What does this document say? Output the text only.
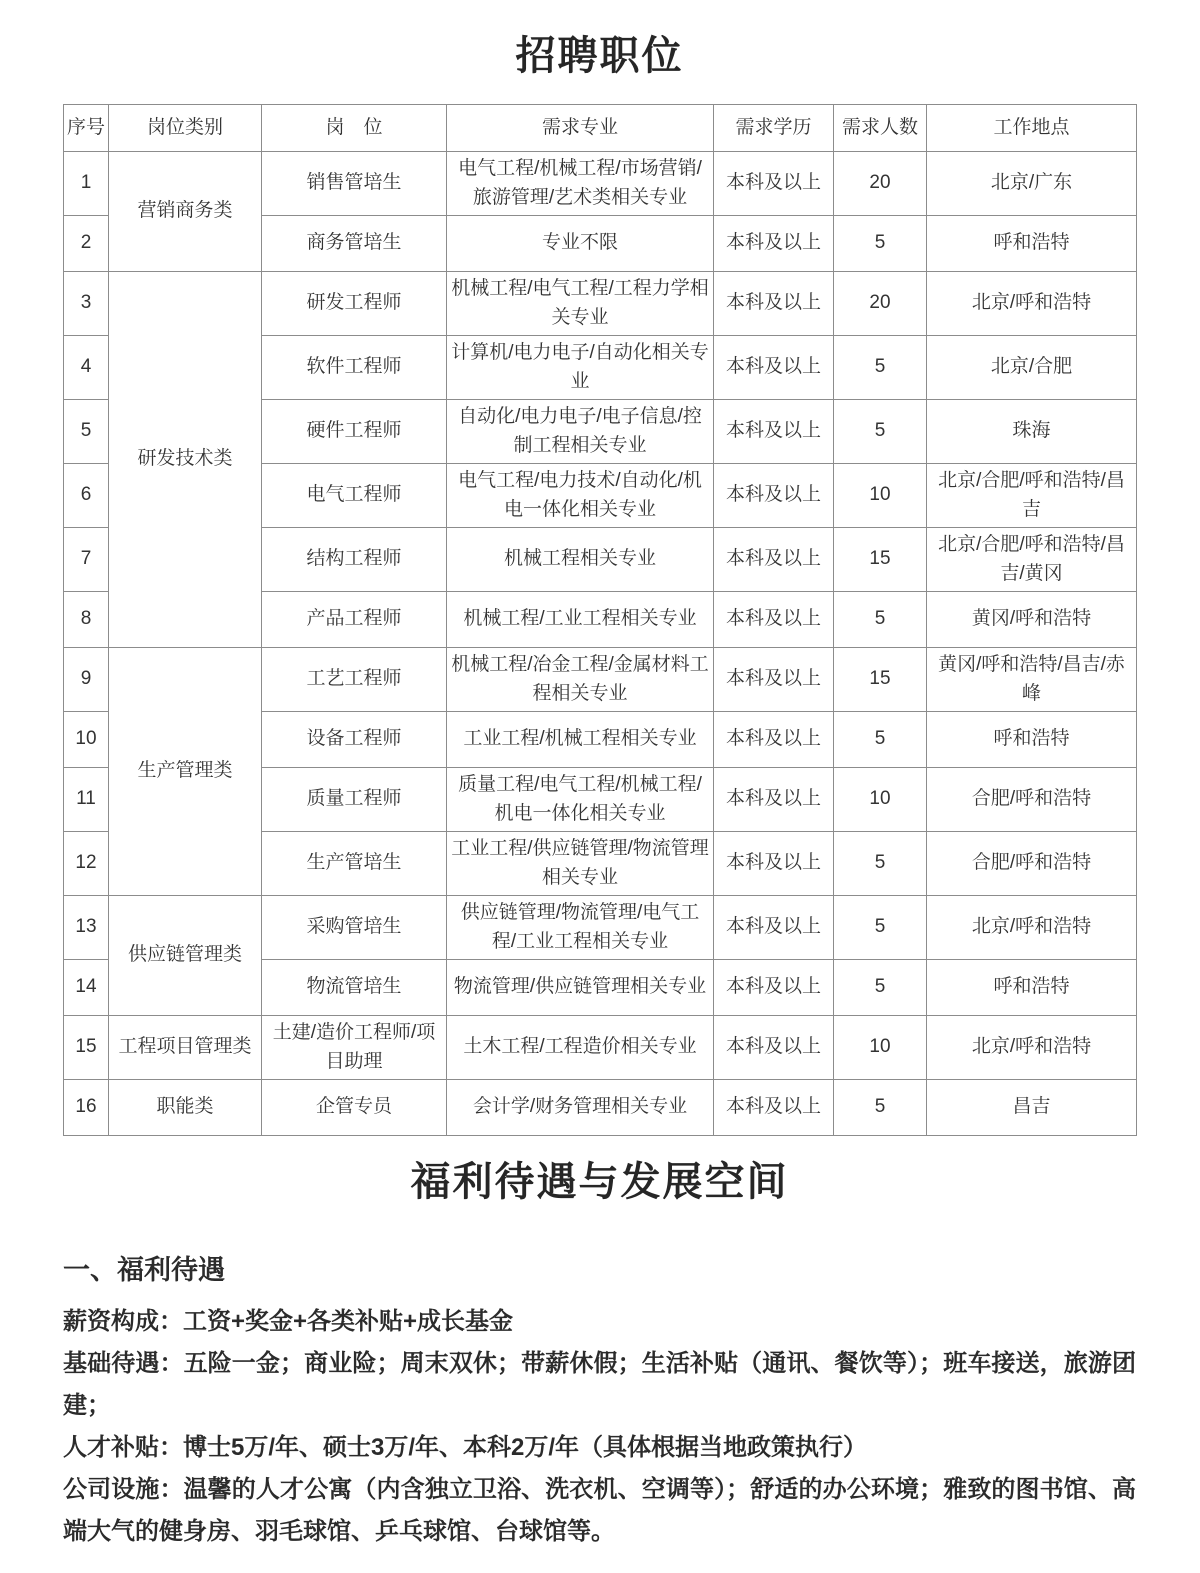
招聘职位
序号	岗位类别	岗　位	需求专业	需求学历	需求人数	工作地点
1	营销商务类	销售管培生	电气工程/机械工程/市场营销/旅游管理/艺术类相关专业	本科及以上	20	北京/广东
2		商务管培生	专业不限	本科及以上	5	呼和浩特
3	研发技术类	研发工程师	机械工程/电气工程/工程力学相关专业	本科及以上	20	北京/呼和浩特
4		软件工程师	计算机/电力电子/自动化相关专业	本科及以上	5	北京/合肥
5		硬件工程师	自动化/电力电子/电子信息/控制工程相关专业	本科及以上	5	珠海
6		电气工程师	电气工程/电力技术/自动化/机电一体化相关专业	本科及以上	10	北京/合肥/呼和浩特/昌吉
7		结构工程师	机械工程相关专业	本科及以上	15	北京/合肥/呼和浩特/昌吉/黄冈
8		产品工程师	机械工程/工业工程相关专业	本科及以上	5	黄冈/呼和浩特
9	生产管理类	工艺工程师	机械工程/冶金工程/金属材料工程相关专业	本科及以上	15	黄冈/呼和浩特/昌吉/赤峰
10		设备工程师	工业工程/机械工程相关专业	本科及以上	5	呼和浩特
11		质量工程师	质量工程/电气工程/机械工程/机电一体化相关专业	本科及以上	10	合肥/呼和浩特
12		生产管培生	工业工程/供应链管理/物流管理相关专业	本科及以上	5	合肥/呼和浩特
13	供应链管理类	采购管培生	供应链管理/物流管理/电气工程/工业工程相关专业	本科及以上	5	北京/呼和浩特
14		物流管培生	物流管理/供应链管理相关专业	本科及以上	5	呼和浩特
15	工程项目管理类	土建/造价工程师/项目助理	土木工程/工程造价相关专业	本科及以上	10	北京/呼和浩特
16	职能类	企管专员	会计学/财务管理相关专业	本科及以上	5	昌吉
福利待遇与发展空间
一、福利待遇

薪资构成：工资+奖金+各类补贴+成长基金

基础待遇：五险一金；商业险；周末双休；带薪休假；生活补贴（通讯、餐饮等）；班车接送，旅游团建；

人才补贴：博士5万/年、硕士3万/年、本科2万/年（具体根据当地政策执行）

公司设施：温馨的人才公寓（内含独立卫浴、洗衣机、空调等）；舒适的办公环境；雅致的图书馆、高端大气的健身房、羽毛球馆、乒乓球馆、台球馆等。
